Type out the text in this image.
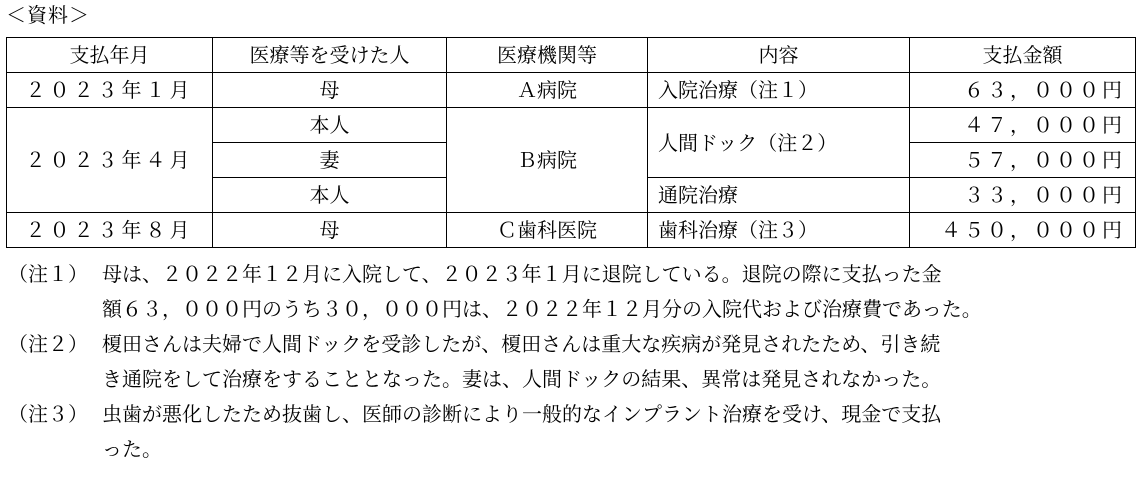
＜資料＞
支払年月	医療等を受けた人	医療機関等	内容	支払金額
２０２３年１月	母	Ａ病院	入院治療（注１）	６３，０００円
２０２３年４月	本人	Ｂ病院	人間ドック（注２）	４７，０００円
	妻			５７，０００円
	本人		通院治療	３３，０００円
２０２３年８月	母	Ｃ歯科医院	歯科治療（注３）	４５０，０００円
（注１） 母は、２０２２年１２月に入院して、２０２３年１月に退院している。退院の際に支払った金
額６３，０００円のうち３０，０００円は、２０２２年１２月分の入院代および治療費であった。
（注２） 榎田さんは夫婦で人間ドックを受診したが、榎田さんは重大な疾病が発見されたため、引き続
き通院をして治療をすることとなった。妻は、人間ドックの結果、異常は発見されなかった。
（注３） 虫歯が悪化したため抜歯し、医師の診断により一般的なインプラント治療を受け、現金で支払
った。
